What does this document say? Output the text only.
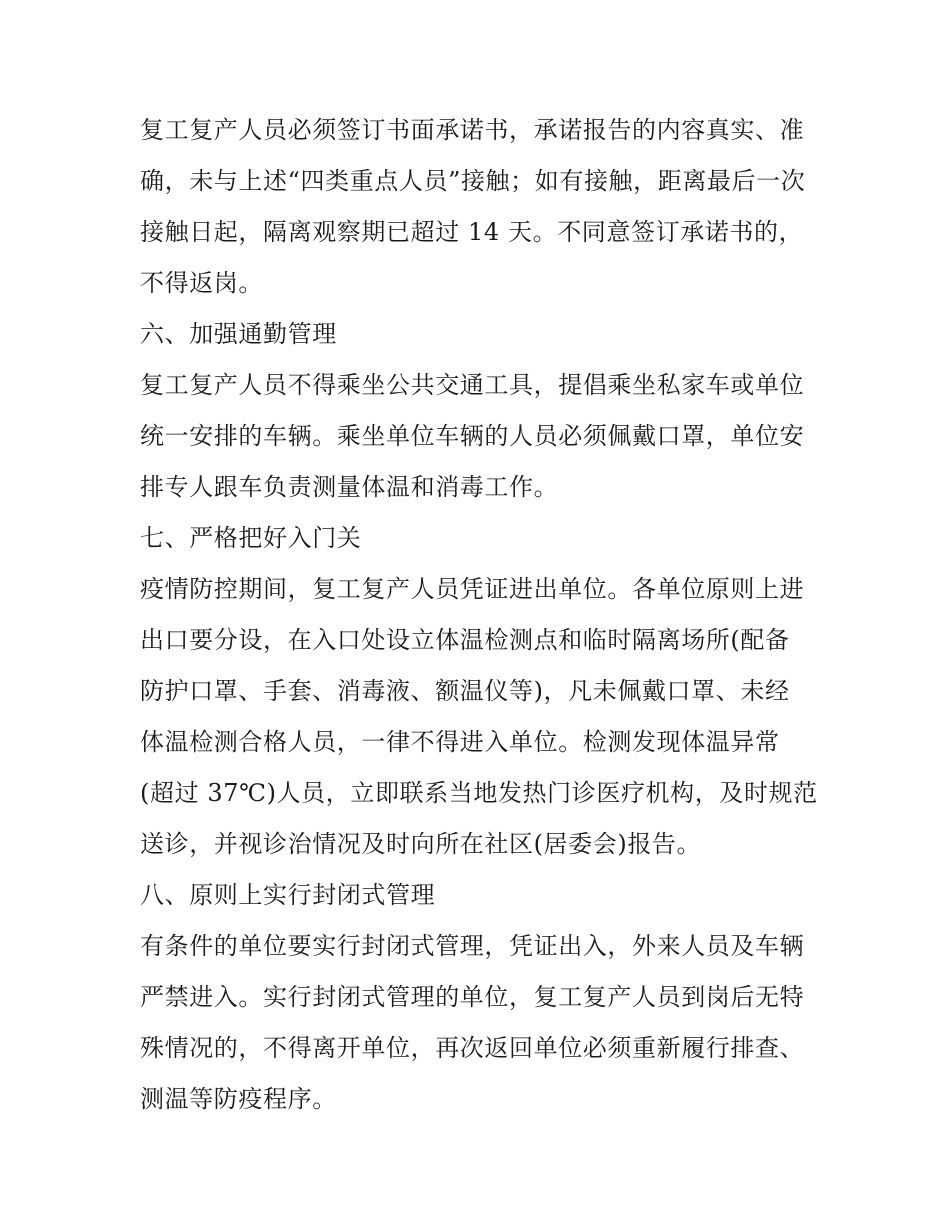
复工复产人员必须签订书面承诺书，承诺报告的内容真实、准
确，未与上述“四类重点人员”接触；如有接触，距离最后一次
接触日起，隔离观察期已超过 14 天。不同意签订承诺书的，
不得返岗。
六、加强通勤管理
复工复产人员不得乘坐公共交通工具，提倡乘坐私家车或单位
统一安排的车辆。乘坐单位车辆的人员必须佩戴口罩，单位安
排专人跟车负责测量体温和消毒工作。
七、严格把好入门关
疫情防控期间，复工复产人员凭证进出单位。各单位原则上进
出口要分设，在入口处设立体温检测点和临时隔离场所(配备
防护口罩、手套、消毒液、额温仪等)，凡未佩戴口罩、未经
体温检测合格人员，一律不得进入单位。检测发现体温异常
(超过 37℃)人员，立即联系当地发热门诊医疗机构，及时规范
送诊，并视诊治情况及时向所在社区(居委会)报告。
八、原则上实行封闭式管理
有条件的单位要实行封闭式管理，凭证出入，外来人员及车辆
严禁进入。实行封闭式管理的单位，复工复产人员到岗后无特
殊情况的，不得离开单位，再次返回单位必须重新履行排查、
测温等防疫程序。
